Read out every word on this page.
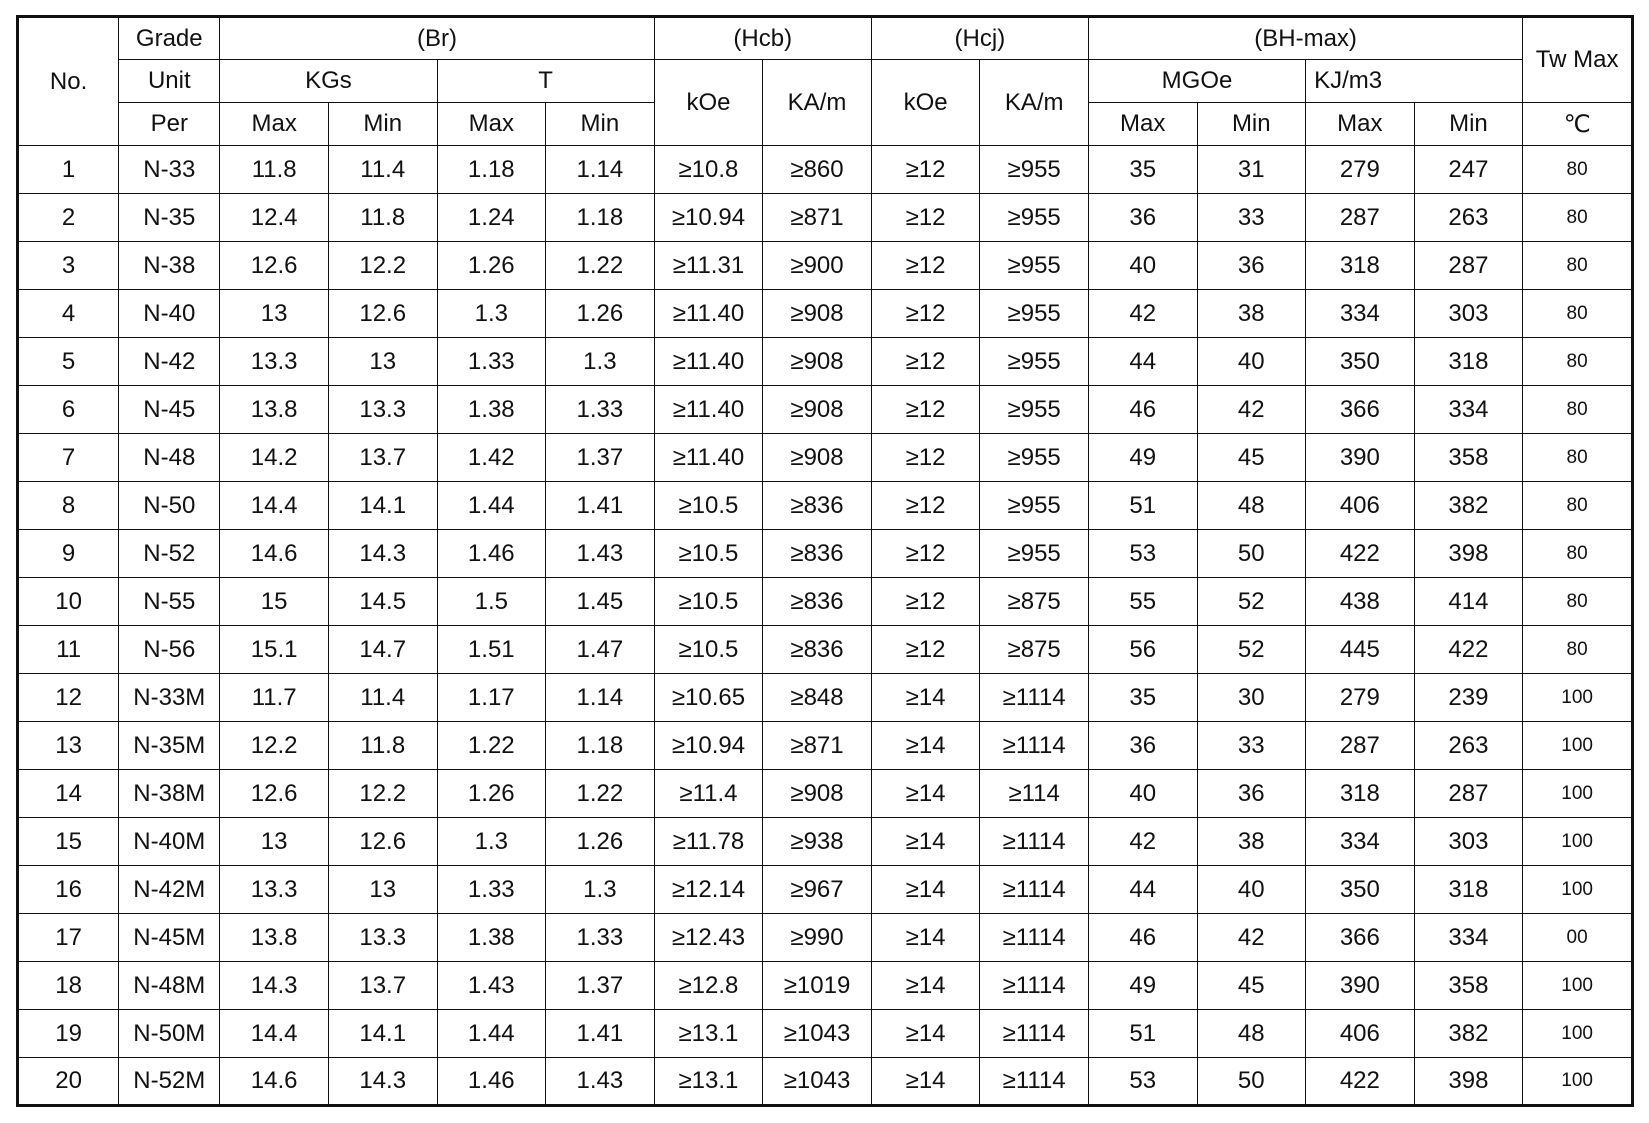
No.	Grade	(Br)				(Hcb)		(Hcj)		(BH-max)				Tw Max
	Unit	KGs		T		kOe	KA/m	kOe	KA/m	MGOe		KJ/m3		
	Per	Max	Min	Max	Min					Max	Min	Max	Min	℃
1	N-33	11.8	11.4	1.18	1.14	≥10.8	≥860	≥12	≥955	35	31	279	247	80
2	N-35	12.4	11.8	1.24	1.18	≥10.94	≥871	≥12	≥955	36	33	287	263	80
3	N-38	12.6	12.2	1.26	1.22	≥11.31	≥900	≥12	≥955	40	36	318	287	80
4	N-40	13	12.6	1.3	1.26	≥11.40	≥908	≥12	≥955	42	38	334	303	80
5	N-42	13.3	13	1.33	1.3	≥11.40	≥908	≥12	≥955	44	40	350	318	80
6	N-45	13.8	13.3	1.38	1.33	≥11.40	≥908	≥12	≥955	46	42	366	334	80
7	N-48	14.2	13.7	1.42	1.37	≥11.40	≥908	≥12	≥955	49	45	390	358	80
8	N-50	14.4	14.1	1.44	1.41	≥10.5	≥836	≥12	≥955	51	48	406	382	80
9	N-52	14.6	14.3	1.46	1.43	≥10.5	≥836	≥12	≥955	53	50	422	398	80
10	N-55	15	14.5	1.5	1.45	≥10.5	≥836	≥12	≥875	55	52	438	414	80
11	N-56	15.1	14.7	1.51	1.47	≥10.5	≥836	≥12	≥875	56	52	445	422	80
12	N-33M	11.7	11.4	1.17	1.14	≥10.65	≥848	≥14	≥1114	35	30	279	239	100
13	N-35M	12.2	11.8	1.22	1.18	≥10.94	≥871	≥14	≥1114	36	33	287	263	100
14	N-38M	12.6	12.2	1.26	1.22	≥11.4	≥908	≥14	≥114	40	36	318	287	100
15	N-40M	13	12.6	1.3	1.26	≥11.78	≥938	≥14	≥1114	42	38	334	303	100
16	N-42M	13.3	13	1.33	1.3	≥12.14	≥967	≥14	≥1114	44	40	350	318	100
17	N-45M	13.8	13.3	1.38	1.33	≥12.43	≥990	≥14	≥1114	46	42	366	334	00
18	N-48M	14.3	13.7	1.43	1.37	≥12.8	≥1019	≥14	≥1114	49	45	390	358	100
19	N-50M	14.4	14.1	1.44	1.41	≥13.1	≥1043	≥14	≥1114	51	48	406	382	100
20	N-52M	14.6	14.3	1.46	1.43	≥13.1	≥1043	≥14	≥1114	53	50	422	398	100
